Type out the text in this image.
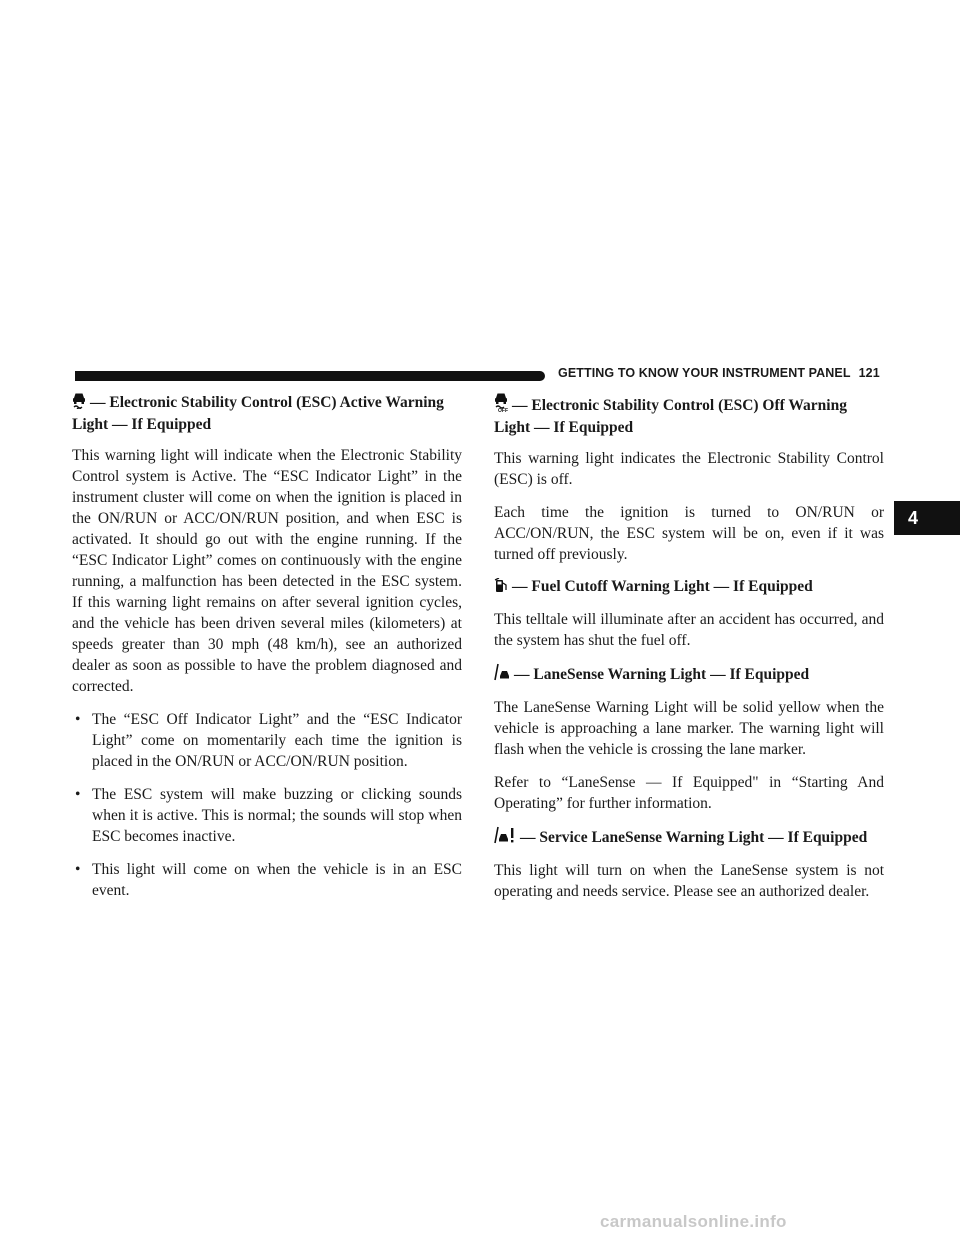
GETTING TO KNOW YOUR INSTRUMENT PANEL 121
4
— Electronic Stability Control (ESC) Active Warning Light — If Equipped

This warning light will indicate when the Electronic Stability Control system is Active. The “ESC Indicator Light” in the instrument cluster will come on when the ignition is placed in the ON/RUN or ACC/ON/RUN position, and when ESC is activated. It should go out with the engine running. If the “ESC Indicator Light” comes on continuously with the engine running, a malfunction has been detected in the ESC system. If this warning light remains on after several ignition cycles, and the vehicle has been driven several miles (kilometers) at speeds greater than 30 mph (48 km/h), see an authorized dealer as soon as possible to have the problem diagnosed and corrected.

• The “ESC Off Indicator Light” and the “ESC Indicator Light” come on momentarily each time the ignition is placed in the ON/RUN or ACC/ON/RUN position.
• The ESC system will make buzzing or clicking sounds when it is active. This is normal; the sounds will stop when ESC becomes inactive.
• This light will come on when the vehicle is in an ESC event.
OFF — Electronic Stability Control (ESC) Off Warning Light — If Equipped

This warning light indicates the Electronic Stability Control (ESC) is off.

Each time the ignition is turned to ON/RUN or ACC/ON/RUN, the ESC system will be on, even if it was turned off previously.

— Fuel Cutoff Warning Light — If Equipped

This telltale will illuminate after an accident has occurred, and the system has shut the fuel off.

— LaneSense Warning Light — If Equipped

The LaneSense Warning Light will be solid yellow when the vehicle is approaching a lane marker. The warning light will flash when the vehicle is crossing the lane marker.

Refer to “LaneSense — If Equipped" in “Starting And Operating” for further information.

— Service LaneSense Warning Light — If Equipped

This light will turn on when the LaneSense system is not operating and needs service. Please see an authorized dealer.

carmanualsonline.info
